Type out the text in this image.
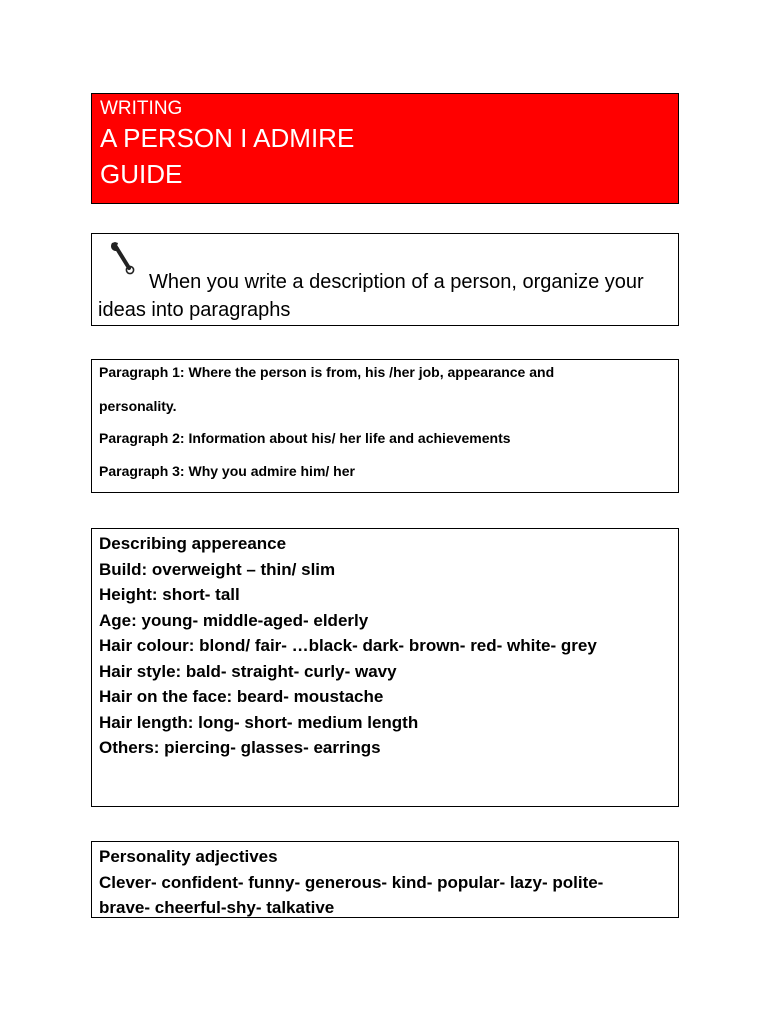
WRITING
A PERSON I ADMIRE
GUIDE
When you write a description of a person, organize your
ideas into paragraphs
Paragraph 1: Where the person is from, his /her job, appearance and
personality.
Paragraph 2: Information about his/ her life and achievements
Paragraph 3: Why you admire him/ her
Describing appereance
Build: overweight – thin/ slim
Height: short- tall
Age: young- middle-aged- elderly
Hair colour: blond/ fair- …black- dark- brown- red- white- grey
Hair style: bald- straight- curly- wavy
Hair on the face: beard- moustache
Hair length: long- short- medium length
Others: piercing- glasses- earrings
Personality adjectives
Clever- confident- funny- generous- kind- popular- lazy- polite-
brave- cheerful-shy- talkative
